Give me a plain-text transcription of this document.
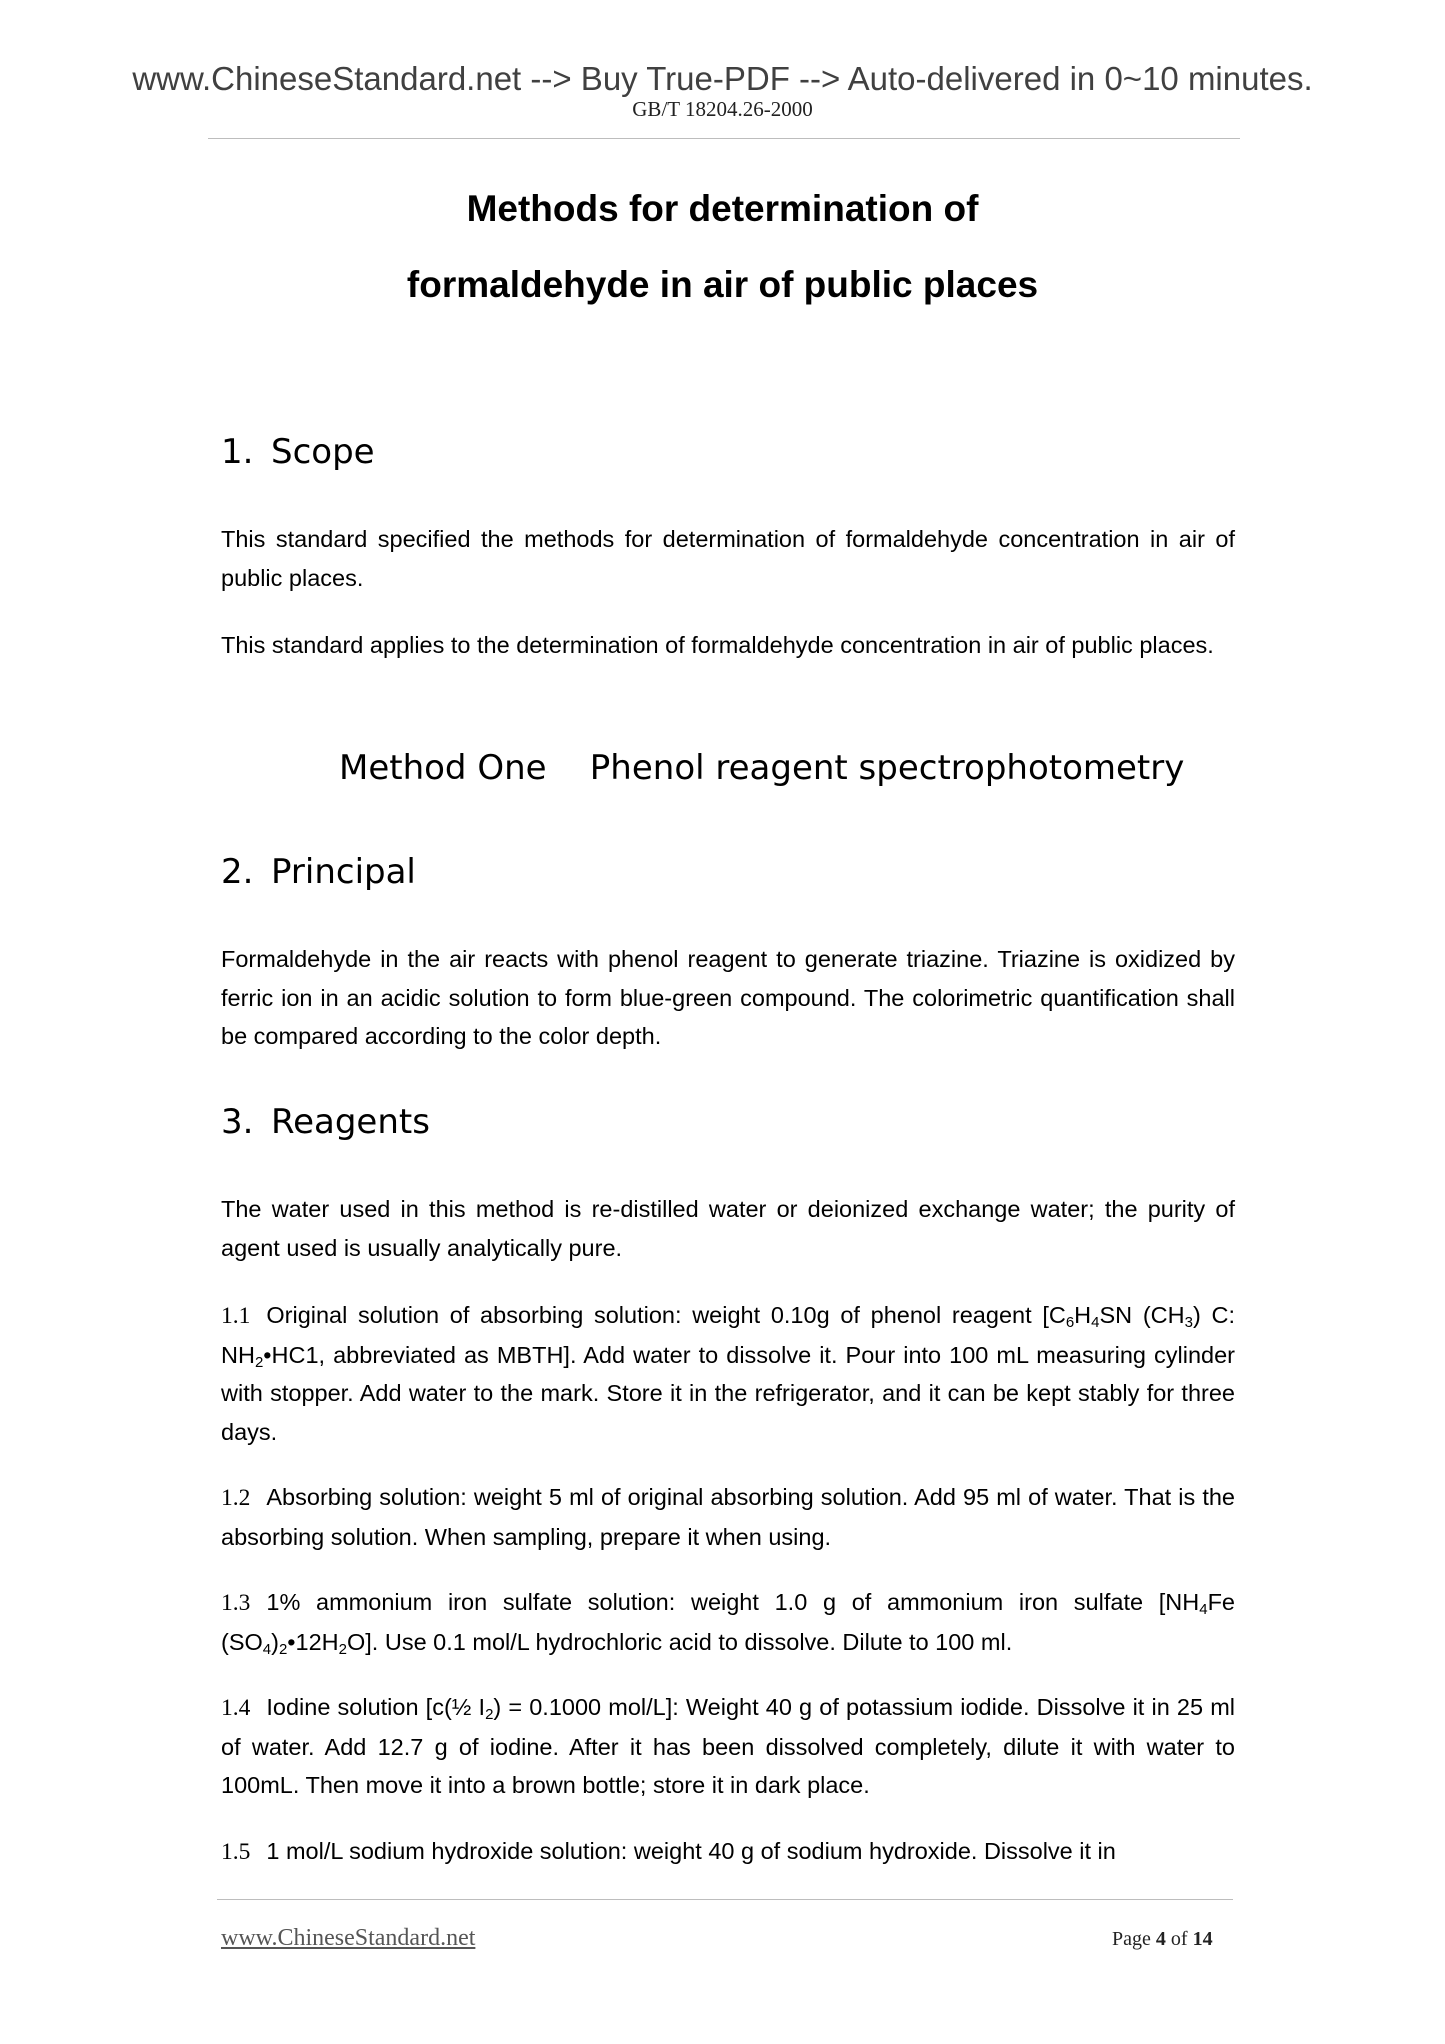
www.ChineseStandard.net --> Buy True-PDF --> Auto-delivered in 0~10 minutes.
GB/T 18204.26-2000
Methods for determination of
formaldehyde in air of public places
1. Scope
This standard specified the methods for determination of formaldehyde concentration in air of public places.
This standard applies to the determination of formaldehyde concentration in air of public places.
Method One Phenol reagent spectrophotometry
2. Principal
Formaldehyde in the air reacts with phenol reagent to generate triazine. Triazine is oxidized by ferric ion in an acidic solution to form blue-green compound. The colorimetric quantification shall be compared according to the color depth.
3. Reagents
The water used in this method is re-distilled water or deionized exchange water; the purity of agent used is usually analytically pure.
1.1 Original solution of absorbing solution: weight 0.10g of phenol reagent [$C_6H_4SN$ $(CH_3)$ C: $NH_2•HC1$, abbreviated as MBTH]. Add water to dissolve it. Pour into 100 mL measuring cylinder with stopper. Add water to the mark. Store it in the refrigerator, and it can be kept stably for three days.
1.2 Absorbing solution: weight 5 ml of original absorbing solution. Add 95 ml of water. That is the absorbing solution. When sampling, prepare it when using.
1.3 1% ammonium iron sulfate solution: weight 1.0 g of ammonium iron sulfate [$NH_4Fe$ $(SO_4)_2•12H_2O$]. Use 0.1 mol/L hydrochloric acid to dissolve. Dilute to 100 ml.
1.4 Iodine solution [c(½ $I_2) = 0.1000$ mol/L]: Weight 40 g of potassium iodide. Dissolve it in 25 ml of water. Add 12.7 g of iodine. After it has been dissolved completely, dilute it with water to 100mL. Then move it into a brown bottle; store it in dark place.
1.5 1 mol/L sodium hydroxide solution: weight 40 g of sodium hydroxide. Dissolve it in
www.ChineseStandard.net	Page 4 of 14
